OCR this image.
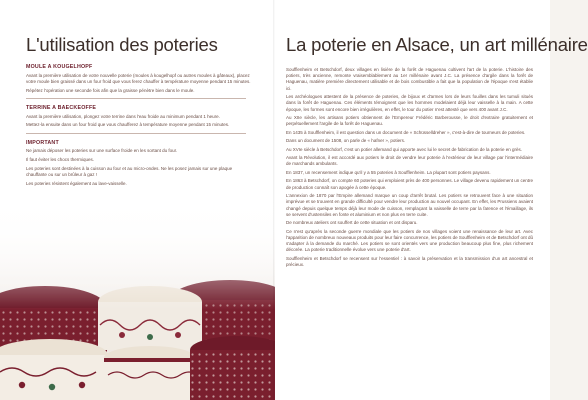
L'utilisation des poteries
MOULE A KOUGELHOPF

Avant la première utilisation de votre nouvelle poterie (moules à kougelhopf ou autres moules à gâteaux), placez votre moule bien graissé dans un four froid que vous ferez chauffer à température moyenne pendant 15 minutes.

Répétez l'opération une seconde fois afin que la graisse pénètre bien dans le moule.

TERRINE A BAECKEOFFE

Avant la première utilisation, plongez votre terrine dans l'eau froide au minimum pendant 1 heure.

Mettez-la ensuite dans un four froid que vous chaufferez à température moyenne pendant 15 minutes.

IMPORTANT

Ne jamais déposer les poteries sur une surface froide en les sortant du four.

Il faut éviter les chocs thermiques.

Les poteries sont destinées à la cuisson au four et au micro-ondes. Ne les posez jamais sur une plaque chauffante ou sur un brûleur à gaz !

Les poteries résistent également au lave-vaisselle.

La poterie en Alsace, un art millénaire

Soufflenheim et Betschdorf, deux villages en lisière de la forêt de Haguenau cultivent l'art de la poterie. L'histoire des potiers, très ancienne, remonte vraisemblablement au 1er millénaire avant J.C. La présence d'argile dans la forêt de Haguenau, matière première directement utilisable et de bois combustible a fait que la population de l'époque s'est établie ici.

Les archéologues attestent de la présence de poteries, de bijoux et d'armes lors de leurs fouilles dans les tumuli situés dans la forêt de Haguenau. Ces éléments témoignent que les hommes modelaient déjà leur vaisselle à la main. A cette époque, les formes sont encore bien irrégulières, en effet, le tour du potier n'est attesté que vers 400 avant J.C.

Au XIIe siècle, les artisans potiers obtiennent de l'Empereur Frédéric Barberousse, le droit d'extraire gratuitement et perpétuellement l'argile de la forêt de Haguenau.

En 1435 à Soufflenheim, il est question dans un document de « Schüsselldreher », c'est-à-dire de tourneurs de poteries.

Dans un document de 1508, on parle de « hafner », potiers.

Au XVIe siècle à Betschdorf, c'est un potier allemand qui apporte avec lui le secret de fabrication de la poterie en grès.

Avant la Révolution, il est accordé aux potiers le droit de vendre leur poterie à l'extérieur de leur village par l'intermédiaire de marchands ambulants.

En 1837, un recensement indique qu'il y a 55 poteries à Soufflenheim. La plupart sont potiers paysans.

En 1863 à Betschdorf, on compte 60 poteries qui emploient près de 400 personnes. Le village devenu rapidement un centre de production connaît son apogée à cette époque.

L'annexion de 1870 par l'Empire allemand marque un coup d'arrêt brutal. Les potiers se retrouvent face à une situation imprévue et se trouvent en grande difficulté pour vendre leur production au nouvel occupant. En effet, les Prussiens avaient changé depuis quelque temps déjà leur mode de cuisson, remplaçant la vaisselle de terre par la faïence et l'émaillage, ils se servent d'ustensiles en fonte et aluminium et non plus en terre cuite.

De nombreux ateliers ont souffert de cette situation et ont disparu.

Ce n'est qu'après la seconde guerre mondiale que les potiers de nos villages voient une renaissance de leur art. Avec l'apparition de nombreux nouveaux produits pour leur faire concurrence, les potiers de Soufflenheim et de Betschdorf ont dû s'adapter à la demande du marché. Les potiers se sont orientés vers une production beaucoup plus fine, plus richement décorée. La poterie traditionnelle évolue vers une poterie d'art.

Soufflenheim et Betschdorf se recensent sur l'essentiel : à savoir la préservation et la transmission d'un art ancestral et précieux.
